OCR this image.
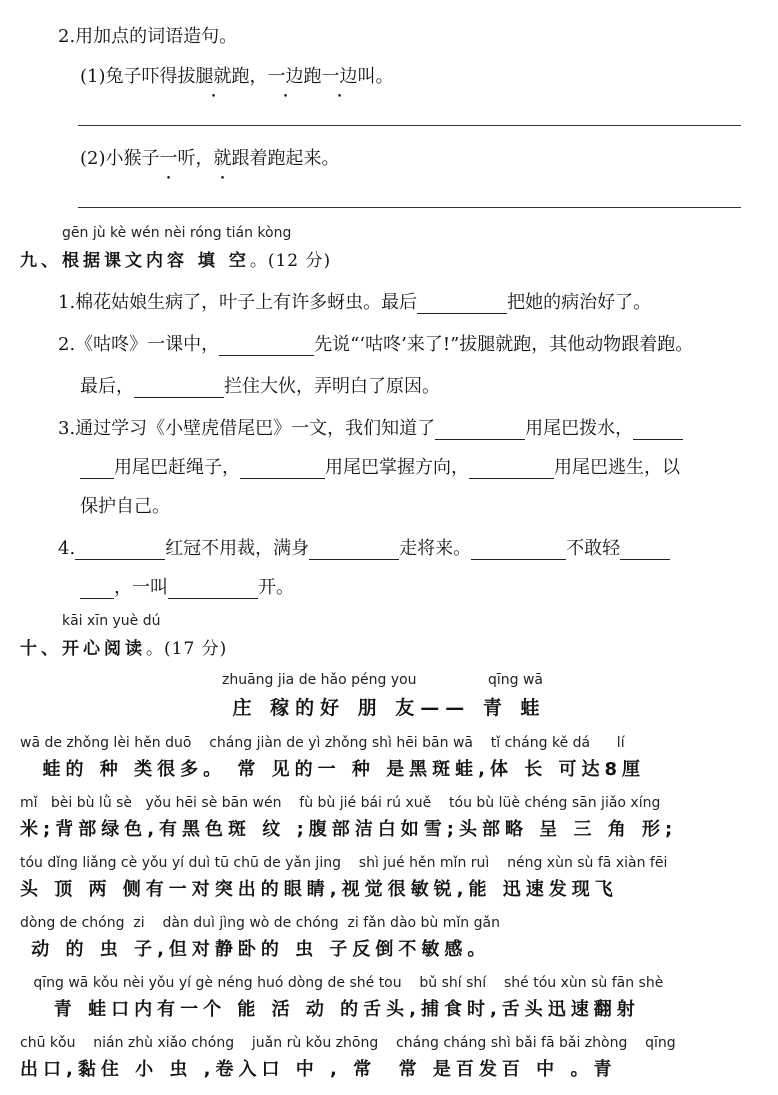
2.用加点的词语造句。
(1)兔子吓得拔腿就跑，一边跑一边叫。
(2)小猴子一听，就跟着跑起来。
gēn jù kè wén nèi róng tián kòng
九、根据课文内容 填 空。(12 分)
1.棉花姑娘生病了，叶子上有许多蚜虫。最后	把她的病治好了。
2.《咕咚》一课中，	先说“‘咕咚’来了!”拔腿就跑，其他动物跟着跑。
最后，	拦住大伙，弄明白了原因。
3.通过学习《小壁虎借尾巴》一文，我们知道了	用尾巴拨水，
用尾巴赶绳子，	用尾巴掌握方向，	用尾巴逃生，以
保护自己。
4.	红冠不用裁，满身	走将来。	不敢轻
，一叫	开。
kāi xīn yuè dú
十、开心阅读。(17 分)
zhuāng jia de hǎo péng you	qīng wā
庄 稼的好 朋 友—— 青 蛙
wā de zhǒng lèi hěn duō    cháng jiàn de yì zhǒng shì hēi bān wā    tǐ cháng kě dá      lí
蛙的 种 类很多。 常 见的一 种 是黑斑蛙,体 长 可达8厘
mǐ   bèi bù lǜ sè   yǒu hēi sè bān wén    fù bù jié bái rú xuě    tóu bù lüè chéng sān jiǎo xíng
米;背部绿色,有黑色斑 纹 ;腹部洁白如雪;头部略 呈 三 角 形;
tóu dǐng liǎng cè yǒu yí duì tū chū de yǎn jing    shì jué hěn mǐn ruì    néng xùn sù fā xiàn fēi
头 顶 两 侧有一对突出的眼睛,视觉很敏锐,能 迅速发现飞
dòng de chóng  zi    dàn duì jìng wò de chóng  zi fǎn dào bù mǐn gǎn
动 的 虫 子,但对静卧的 虫 子反倒不敏感。
qīng wā kǒu nèi yǒu yí gè néng huó dòng de shé tou    bǔ shí shí    shé tóu xùn sù fān shè
青 蛙口内有一个 能 活 动 的舌头,捕食时,舌头迅速翻射
chū kǒu    nián zhù xiǎo chóng    juǎn rù kǒu zhōng    cháng cháng shì bǎi fā bǎi zhòng    qīng
出口,黏住 小 虫 ,卷入口 中 , 常  常 是百发百 中 。青
